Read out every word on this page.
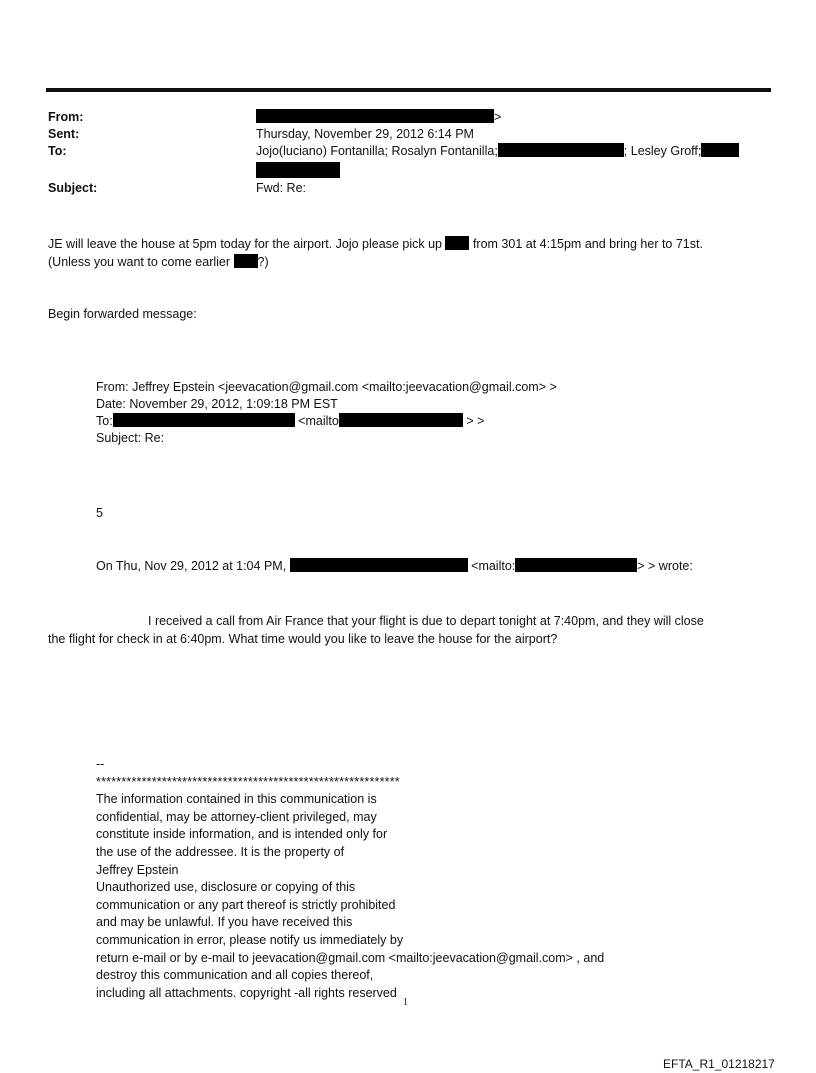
From:	>
Sent:	Thursday, November 29, 2012 6:14 PM
To:	Jojo(luciano) Fontanilla; Rosalyn Fontanilla;	; Lesley Groff;
Subject:	Fwd: Re:
JE will leave the house at 5pm today for the airport. Jojo please pick up from 301 at 4:15pm and bring her to 71st.
(Unless you want to come earlier ?)
Begin forwarded message:
From: Jeffrey Epstein <jeevacation@gmail.com <mailto:jeevacation@gmail.com> >
Date: November 29, 2012, 1:09:18 PM EST
To:	<mailto	> >
Subject: Re:
5
On Thu, Nov 29, 2012 at 1:04 PM,	<mailto:	> > wrote:
I received a call from Air France that your flight is due to depart tonight at 7:40pm, and they will close
the flight for check in at 6:40pm. What time would you like to leave the house for the airport?
--
************************************************************
The information contained in this communication is
confidential, may be attorney-client privileged, may
constitute inside information, and is intended only for
the use of the addressee. It is the property of
Jeffrey Epstein
Unauthorized use, disclosure or copying of this
communication or any part thereof is strictly prohibited
and may be unlawful. If you have received this
communication in error, please notify us immediately by
return e-mail or by e-mail to jeevacation@gmail.com <mailto:jeevacation@gmail.com> , and
destroy this communication and all copies thereof,
including all attachments. copyright -all rights reserved
1
EFTA_R1_01218217
